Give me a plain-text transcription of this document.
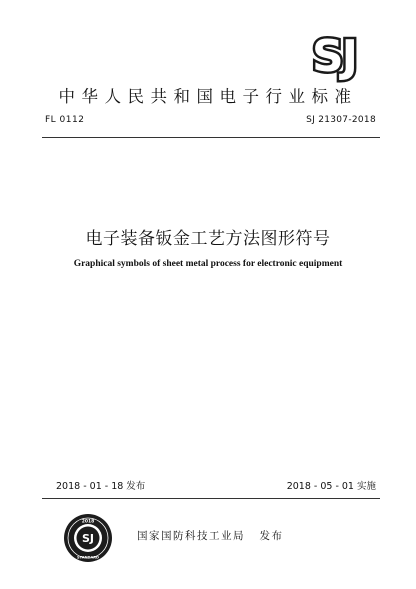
SJ
中华人民共和国电子行业标准
FL 0112	SJ 21307-2018
电子装备钣金工艺方法图形符号
Graphical symbols of sheet metal process for electronic equipment
2018 - 01 - 18 发布	2018 - 05 - 01 实施
2018
SJ
STANDARD
国家国防科技工业局   发布
